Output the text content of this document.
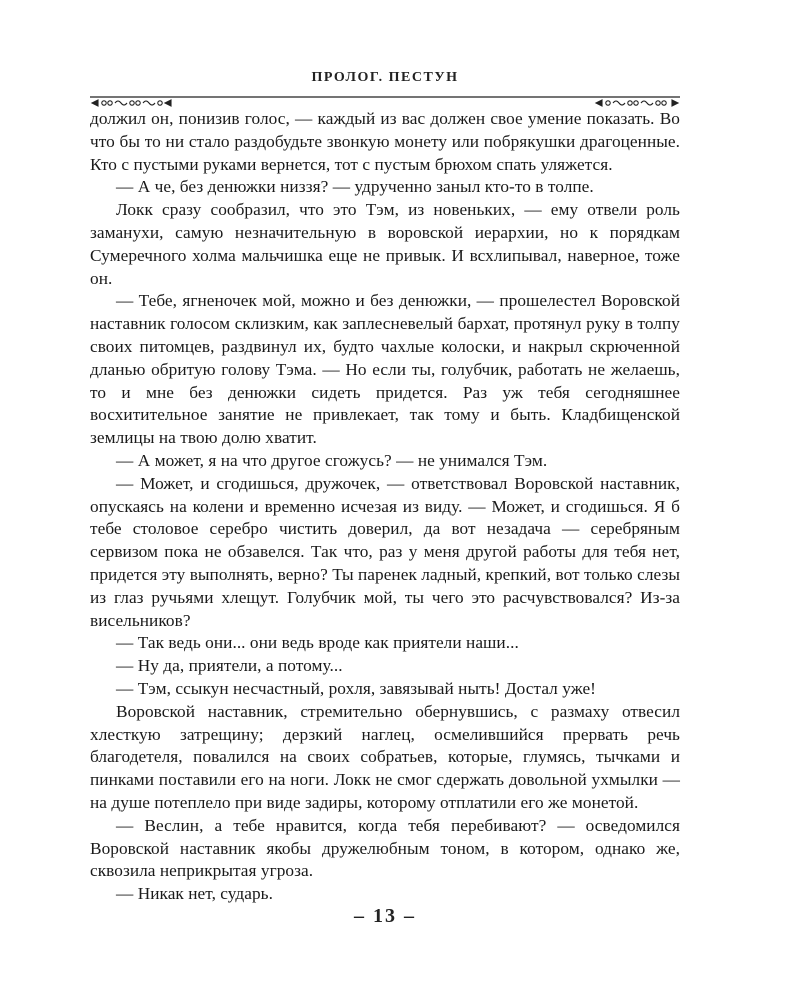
ПРОЛОГ. ПЕСТУН

должил он, понизив голос, — каждый из вас должен свое умение показать. Во что бы то ни стало раздобудьте звонкую монету или побрякушки драгоценные. Кто с пустыми руками вернется, тот с пустым брюхом спать уляжется.

— А че, без денюжки низзя? — удрученно заныл кто-то в толпе.

Локк сразу сообразил, что это Тэм, из новеньких, — ему отвели роль заманухи, самую незначительную в воровской иерархии, но к порядкам Сумеречного холма мальчишка еще не привык. И всхлипывал, наверное, тоже он.

— Тебе, ягненочек мой, можно и без денюжки, — прошелестел Воровской наставник голосом склизким, как заплесневелый бархат, протянул руку в толпу своих питомцев, раздвинул их, будто чахлые колоски, и накрыл скрюченной дланью обритую голову Тэма. — Но если ты, голубчик, работать не желаешь, то и мне без денюжки сидеть придется. Раз уж тебя сегодняшнее восхитительное занятие не привлекает, так тому и быть. Кладбищенской землицы на твою долю хватит.

— А может, я на что другое сгожусь? — не унимался Тэм.

— Может, и сгодишься, дружочек, — ответствовал Воровской наставник, опускаясь на колени и временно исчезая из виду. — Может, и сгодишься. Я б тебе столовое серебро чистить доверил, да вот незадача — серебряным сервизом пока не обзавелся. Так что, раз у меня другой работы для тебя нет, придется эту выполнять, верно? Ты паренек ладный, крепкий, вот только слезы из глаз ручьями хлещут. Голубчик мой, ты чего это расчувствовался? Из-за висельников?

— Так ведь они... они ведь вроде как приятели наши...

— Ну да, приятели, а потому...

— Тэм, ссыкун несчастный, рохля, завязывай ныть! Достал уже!

Воровской наставник, стремительно обернувшись, с размаху отвесил хлесткую затрещину; дерзкий наглец, осмелившийся прервать речь благодетеля, повалился на своих собратьев, которые, глумясь, тычками и пинками поставили его на ноги. Локк не смог сдержать довольной ухмылки — на душе потеплело при виде задиры, которому отплатили его же монетой.

— Веслин, а тебе нравится, когда тебя перебивают? — осведомился Воровской наставник якобы дружелюбным тоном, в котором, однако же, сквозила неприкрытая угроза.

— Никак нет, сударь.

– 13 –
